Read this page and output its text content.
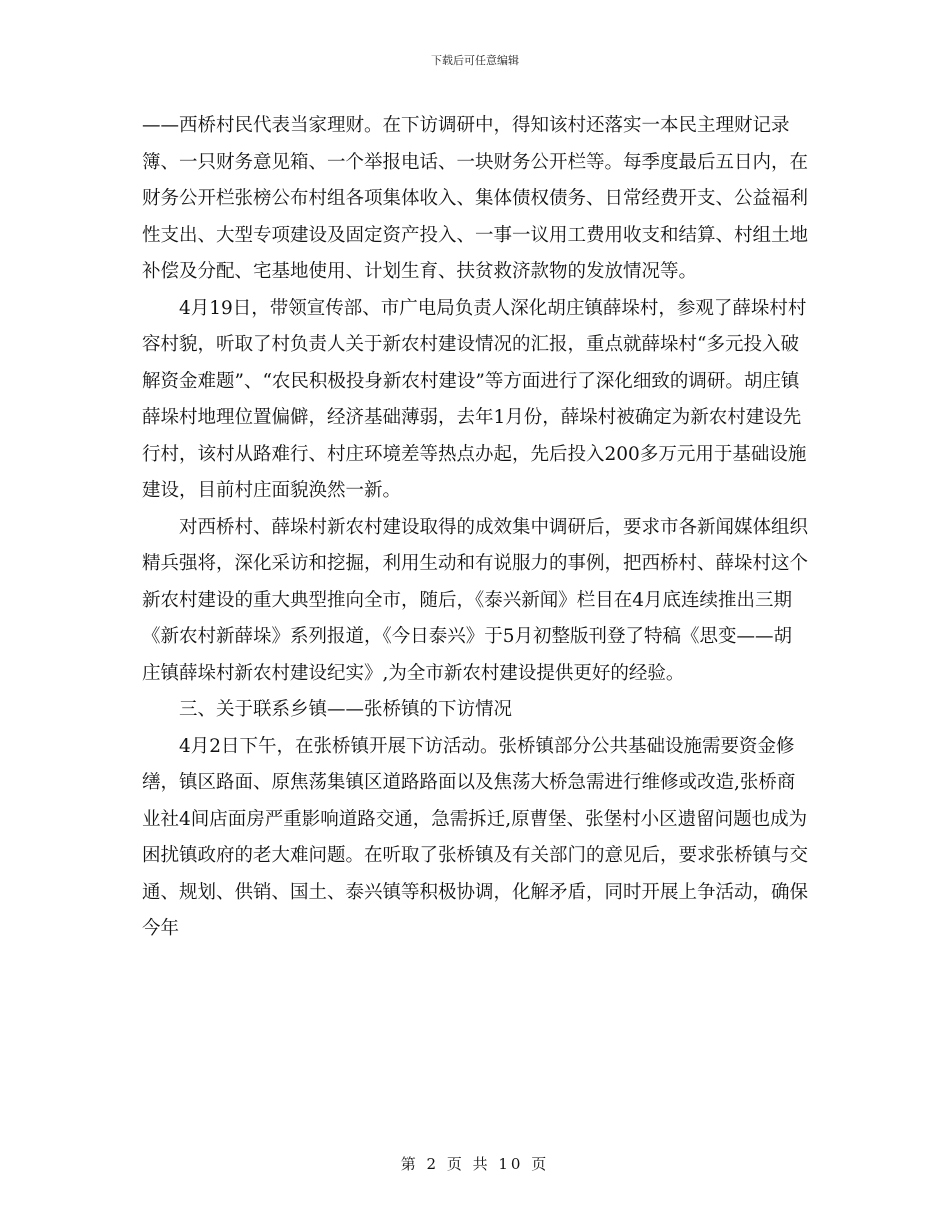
下载后可任意编辑

——西桥村民代表当家理财。在下访调研中，得知该村还落实一本民主理财记录簿、一只财务意见箱、一个举报电话、一块财务公开栏等。每季度最后五日内，在财务公开栏张榜公布村组各项集体收入、集体债权债务、日常经费开支、公益福利性支出、大型专项建设及固定资产投入、一事一议用工费用收支和结算、村组土地补偿及分配、宅基地使用、计划生育、扶贫救济款物的发放情况等。

4月19日，带领宣传部、市广电局负责人深化胡庄镇薛垛村，参观了薛垛村村容村貌，听取了村负责人关于新农村建设情况的汇报，重点就薛垛村“多元投入破解资金难题”、“农民积极投身新农村建设”等方面进行了深化细致的调研。胡庄镇薛垛村地理位置偏僻，经济基础薄弱，去年1月份，薛垛村被确定为新农村建设先行村，该村从路难行、村庄环境差等热点办起，先后投入200多万元用于基础设施建设，目前村庄面貌涣然一新。

对西桥村、薛垛村新农村建设取得的成效集中调研后，要求市各新闻媒体组织精兵强将，深化采访和挖掘，利用生动和有说服力的事例，把西桥村、薛垛村这个新农村建设的重大典型推向全市，随后，《泰兴新闻》栏目在4月底连续推出三期《新农村新薛垛》系列报道，《今日泰兴》于5月初整版刊登了特稿《思变——胡庄镇薛垛村新农村建设纪实》,为全市新农村建设提供更好的经验。

三、关于联系乡镇——张桥镇的下访情况

4月2日下午，在张桥镇开展下访活动。张桥镇部分公共基础设施需要资金修缮，镇区路面、原焦荡集镇区道路路面以及焦荡大桥急需进行维修或改造,张桥商业社4间店面房严重影响道路交通，急需拆迁,原曹堡、张堡村小区遗留问题也成为困扰镇政府的老大难问题。在听取了张桥镇及有关部门的意见后，要求张桥镇与交通、规划、供销、国土、泰兴镇等积极协调，化解矛盾，同时开展上争活动，确保今年

第 2 页 共 10 页
